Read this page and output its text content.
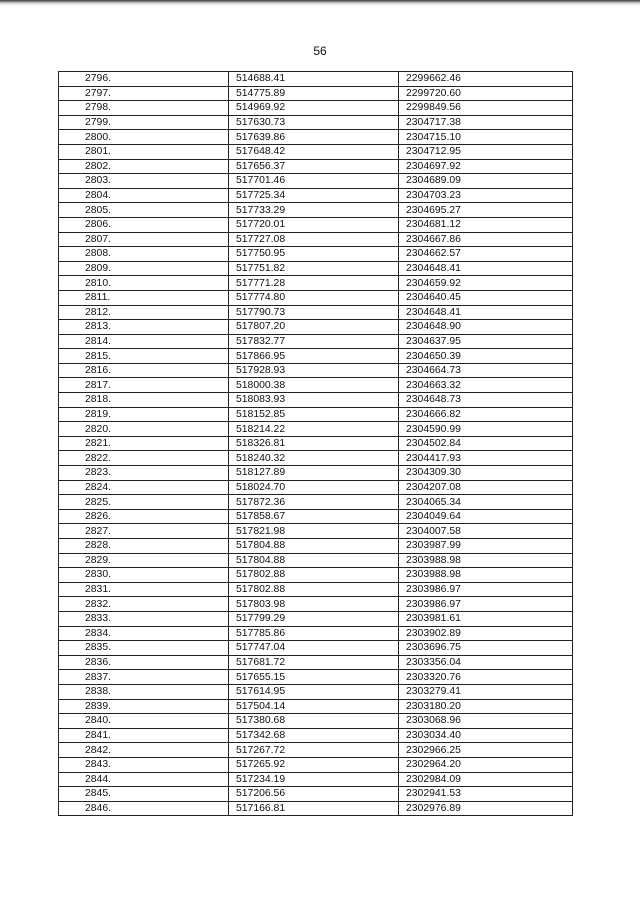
56
2796.	514688.41	2299662.46
2797.	514775.89	2299720.60
2798.	514969.92	2299849.56
2799.	517630.73	2304717.38
2800.	517639.86	2304715.10
2801.	517648.42	2304712.95
2802.	517656.37	2304697.92
2803.	517701.46	2304689.09
2804.	517725.34	2304703.23
2805.	517733.29	2304695.27
2806.	517720.01	2304681.12
2807.	517727.08	2304667.86
2808.	517750.95	2304662.57
2809.	517751.82	2304648.41
2810.	517771.28	2304659.92
2811.	517774.80	2304640.45
2812.	517790.73	2304648.41
2813.	517807.20	2304648.90
2814.	517832.77	2304637.95
2815.	517866.95	2304650.39
2816.	517928.93	2304664.73
2817.	518000.38	2304663.32
2818.	518083.93	2304648.73
2819.	518152.85	2304666.82
2820.	518214.22	2304590.99
2821.	518326.81	2304502.84
2822.	518240.32	2304417.93
2823.	518127.89	2304309.30
2824.	518024.70	2304207.08
2825.	517872.36	2304065.34
2826.	517858.67	2304049.64
2827.	517821.98	2304007.58
2828.	517804.88	2303987.99
2829.	517804.88	2303988.98
2830.	517802.88	2303988.98
2831.	517802.88	2303986.97
2832.	517803.98	2303986.97
2833.	517799.29	2303981.61
2834.	517785.86	2303902.89
2835.	517747.04	2303696.75
2836.	517681.72	2303356.04
2837.	517655.15	2303320.76
2838.	517614.95	2303279.41
2839.	517504.14	2303180.20
2840.	517380.68	2303068.96
2841.	517342.68	2303034.40
2842.	517267.72	2302966.25
2843.	517265.92	2302964.20
2844.	517234.19	2302984.09
2845.	517206.56	2302941.53
2846.	517166.81	2302976.89
